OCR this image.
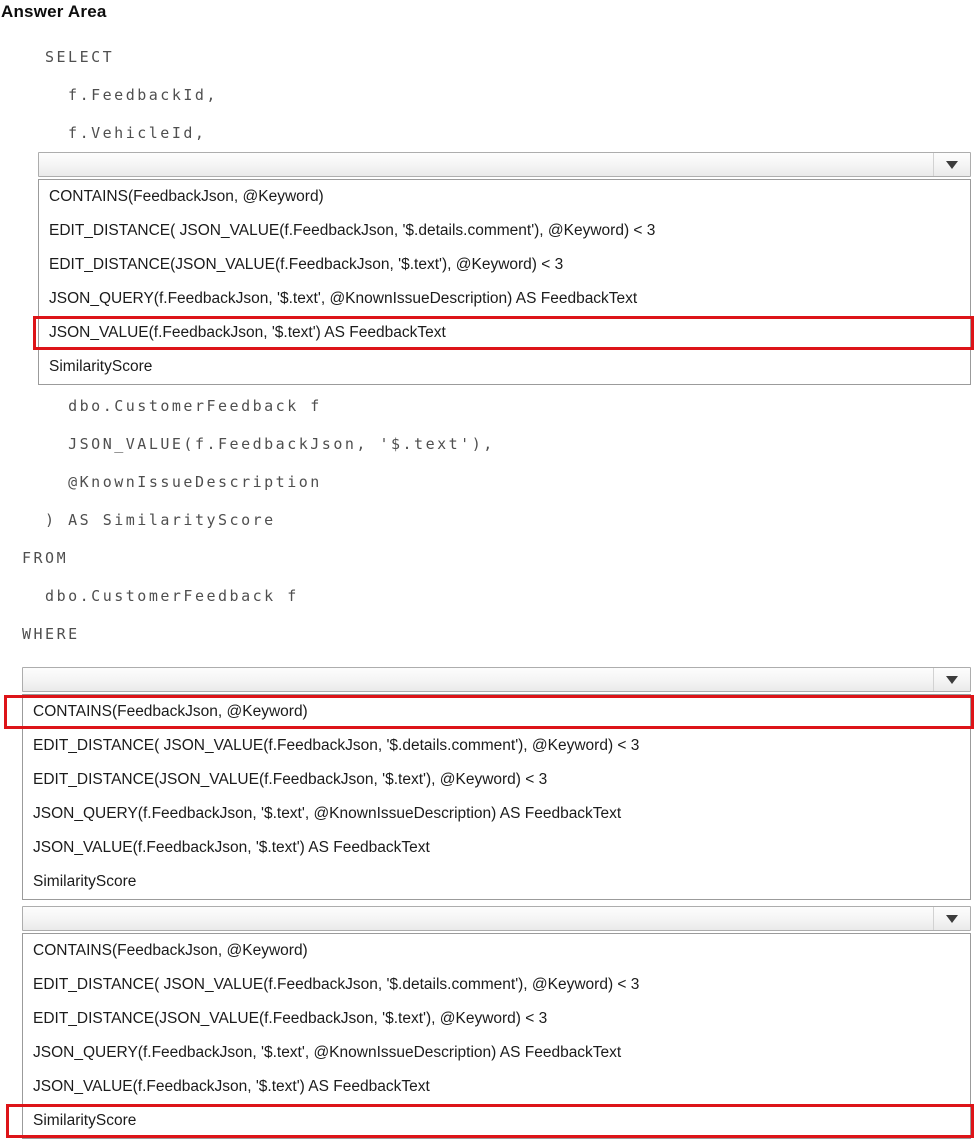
Answer Area
SELECT
f.FeedbackId,
f.VehicleId,
CONTAINS(FeedbackJson, @Keyword)
EDIT_DISTANCE( JSON_VALUE(f.FeedbackJson, '$.details.comment'), @Keyword) < 3
EDIT_DISTANCE(JSON_VALUE(f.FeedbackJson, '$.text'), @Keyword) < 3
JSON_QUERY(f.FeedbackJson, '$.text', @KnownIssueDescription) AS FeedbackText
JSON_VALUE(f.FeedbackJson, '$.text') AS FeedbackText
SimilarityScore
dbo.CustomerFeedback f
JSON_VALUE(f.FeedbackJson, '$.text'),
@KnownIssueDescription
) AS SimilarityScore
FROM
dbo.CustomerFeedback f
WHERE
CONTAINS(FeedbackJson, @Keyword)
EDIT_DISTANCE( JSON_VALUE(f.FeedbackJson, '$.details.comment'), @Keyword) < 3
EDIT_DISTANCE(JSON_VALUE(f.FeedbackJson, '$.text'), @Keyword) < 3
JSON_QUERY(f.FeedbackJson, '$.text', @KnownIssueDescription) AS FeedbackText
JSON_VALUE(f.FeedbackJson, '$.text') AS FeedbackText
SimilarityScore
CONTAINS(FeedbackJson, @Keyword)
EDIT_DISTANCE( JSON_VALUE(f.FeedbackJson, '$.details.comment'), @Keyword) < 3
EDIT_DISTANCE(JSON_VALUE(f.FeedbackJson, '$.text'), @Keyword) < 3
JSON_QUERY(f.FeedbackJson, '$.text', @KnownIssueDescription) AS FeedbackText
JSON_VALUE(f.FeedbackJson, '$.text') AS FeedbackText
SimilarityScore
